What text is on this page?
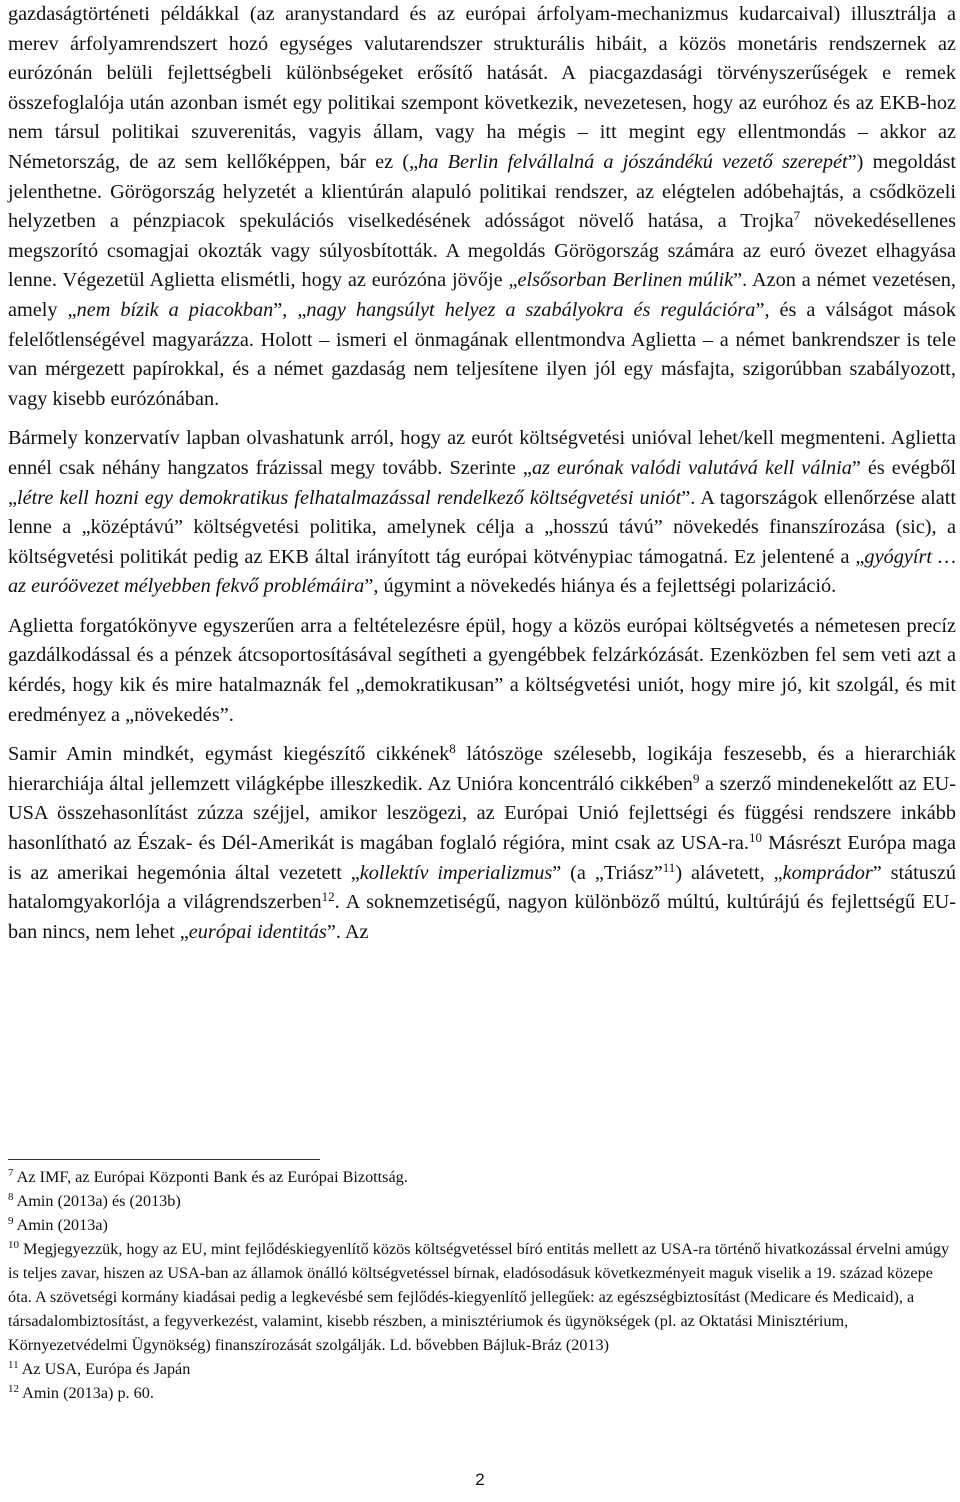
gazdaságtörténeti példákkal (az aranystandard és az európai árfolyam-mechanizmus kudarcaival) illusztrálja a merev árfolyamrendszert hozó egységes valutarendszer strukturális hibáit, a közös monetáris rendszernek az eurózónán belüli fejlettségbeli különbségeket erősítő hatását. A piacgazdasági törvényszerűségek e remek összefoglalója után azonban ismét egy politikai szempont következik, nevezetesen, hogy az euróhoz és az EKB-hoz nem társul politikai szuverenitás, vagyis állam, vagy ha mégis – itt megint egy ellentmondás – akkor az Németország, de az sem kellőképpen, bár ez („ha Berlin felvállalná a jószándékú vezető szerepét”) megoldást jelenthetne. Görögország helyzetét a klientúrán alapuló politikai rendszer, az elégtelen adóbehajtás, a csődközeli helyzetben a pénzpiacok spekulációs viselkedésének adósságot növelő hatása, a Trojka$^7$ növekedésellenes megszorító csomagjai okozták vagy súlyosbították. A megoldás Görögország számára az euró övezet elhagyása lenne. Végezetül Aglietta elismétli, hogy az eurózóna jövője „elsősorban Berlinen múlik”. Azon a német vezetésen, amely „nem bízik a piacokban”, „nagy hangsúlyt helyez a szabályokra és regulációra”, és a válságot mások felelőtlenségével magyarázza. Holott – ismeri el önmagának ellentmondva Aglietta – a német bankrendszer is tele van mérgezett papírokkal, és a német gazdaság nem teljesítene ilyen jól egy másfajta, szigorúbban szabályozott, vagy kisebb eurózónában.

Bármely konzervatív lapban olvashatunk arról, hogy az eurót költségvetési unióval lehet/kell megmenteni. Aglietta ennél csak néhány hangzatos frázissal megy tovább. Szerinte „az eurónak valódi valutává kell válnia” és evégből „létre kell hozni egy demokratikus felhatalmazással rendelkező költségvetési uniót”. A tagországok ellenőrzése alatt lenne a „középtávú” költségvetési politika, amelynek célja a „hosszú távú” növekedés finanszírozása (sic), a költségvetési politikát pedig az EKB által irányított tág európai kötvénypiac támogatná. Ez jelentené a „gyógyírt … az euróövezet mélyebben fekvő problémáira”, úgymint a növekedés hiánya és a fejlettségi polarizáció.

Aglietta forgatókönyve egyszerűen arra a feltételezésre épül, hogy a közös európai költségvetés a németesen precíz gazdálkodással és a pénzek átcsoportosításával segítheti a gyengébbek felzárkózását. Ezenközben fel sem veti azt a kérdés, hogy kik és mire hatalmaznák fel „demokratikusan” a költségvetési uniót, hogy mire jó, kit szolgál, és mit eredményez a „növekedés”.

Samir Amin mindkét, egymást kiegészítő cikkének$^8$ látószöge szélesebb, logikája feszesebb, és a hierarchiák hierarchiája által jellemzett világképbe illeszkedik. Az Unióra koncentráló cikkében$^9$ a szerző mindenekelőtt az EU-USA összehasonlítást zúzza széjjel, amikor leszögezi, az Európai Unió fejlettségi és függési rendszere inkább hasonlítható az Észak- és Dél-Amerikát is magában foglaló régióra, mint csak az USA-ra.$^{10}$ Másrészt Európa maga is az amerikai hegemónia által vezetett „kollektív imperializmus” (a „Triász”$^{11}$) alávetett, „komprádor” státuszú hatalomgyakorlója a világrendszerben$^{12}$. A soknemzetiségű, nagyon különböző múltú, kultúrájú és fejlettségű EU-ban nincs, nem lehet „európai identitás”. Az

$^7$ Az IMF, az Európai Központi Bank és az Európai Bizottság.
$^8$ Amin (2013a) és (2013b)
$^9$ Amin (2013a)
$^{10}$ Megjegyezzük, hogy az EU, mint fejlődéskiegyenlítő közös költségvetéssel bíró entitás mellett az USA-ra történő hivatkozással érvelni amúgy is teljes zavar, hiszen az USA-ban az államok önálló költségvetéssel bírnak, eladósodásuk következményeit maguk viselik a 19. század közepe óta. A szövetségi kormány kiadásai pedig a legkevésbé sem fejlődés-kiegyenlítő jellegűek: az egészségbiztosítást (Medicare és Medicaid), a társadalombiztosítást, a fegyverkezést, valamint, kisebb részben, a minisztériumok és ügynökségek (pl. az Oktatási Minisztérium, Környezetvédelmi Ügynökség) finanszírozását szolgálják. Ld. bővebben Bájluk-Bráz (2013)
$^{11}$ Az USA, Európa és Japán
$^{12}$ Amin (2013a) p. 60.
2
